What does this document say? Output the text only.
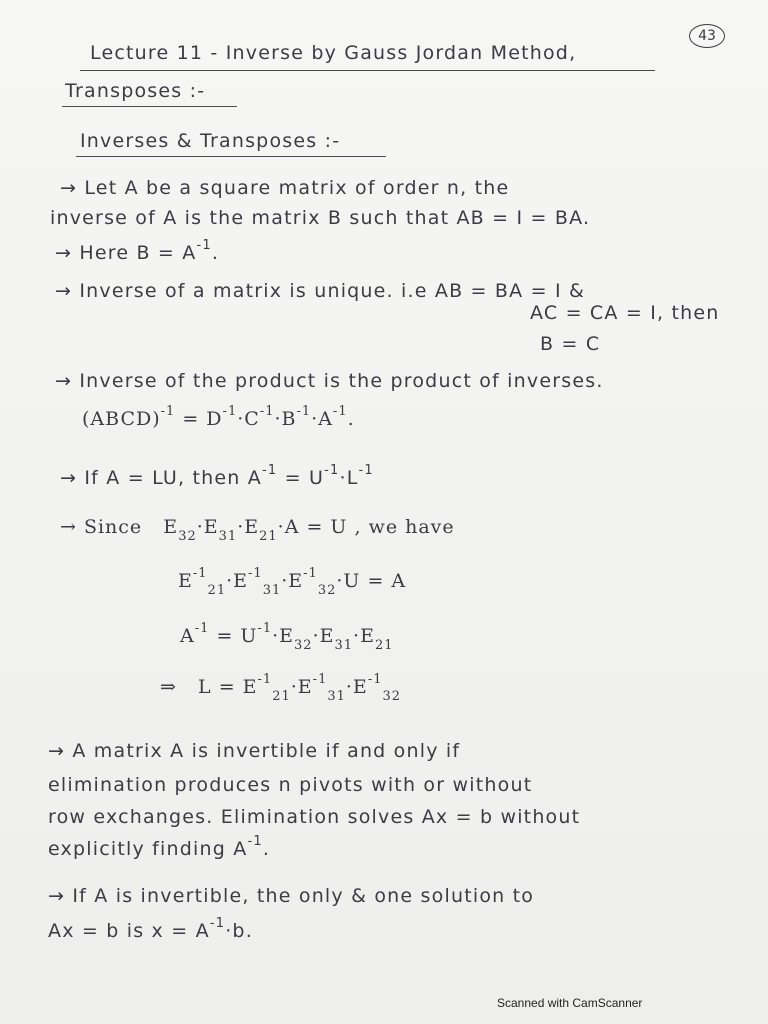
43
Lecture 11 - Inverse by Gauss Jordan Method,
Transposes :-
Inverses & Transposes :-
→ Let A be a square matrix of order n, the
inverse of A is the matrix B such that AB = I = BA.
→ Here $B = A^{-1}$.
→ Inverse of a matrix is unique. i.e AB = BA = I &
AC = CA = I, then
B = C
→ Inverse of the product is the product of inverses.
(ABCD)$^{-1}$ = $D^{-1}\cdot C^{-1}\cdot B^{-1}\cdot A^{-1}$.
→ If A = LU, then $A^{-1} = U^{-1}\cdot L^{-1}$
→ Since   $E_{32}\cdot E_{31}\cdot E_{21}\cdot A = U$ , we have
$E^{-1}_{21}\cdot E^{-1}_{31}\cdot E^{-1}_{32}\cdot U = A$
$A^{-1} = U^{-1}\cdot E_{32}\cdot E_{31}\cdot E_{21}$
⇒   $L = E^{-1}_{21}\cdot E^{-1}_{31}\cdot E^{-1}_{32}$
→ A matrix A is invertible if and only if
elimination produces n pivots with or without
row exchanges. Elimination solves Ax = b without
explicitly finding $A^{-1}$.
→ If A is invertible, the only & one solution to
Ax = b is $x = A^{-1}\cdot b$.
Scanned with CamScanner
